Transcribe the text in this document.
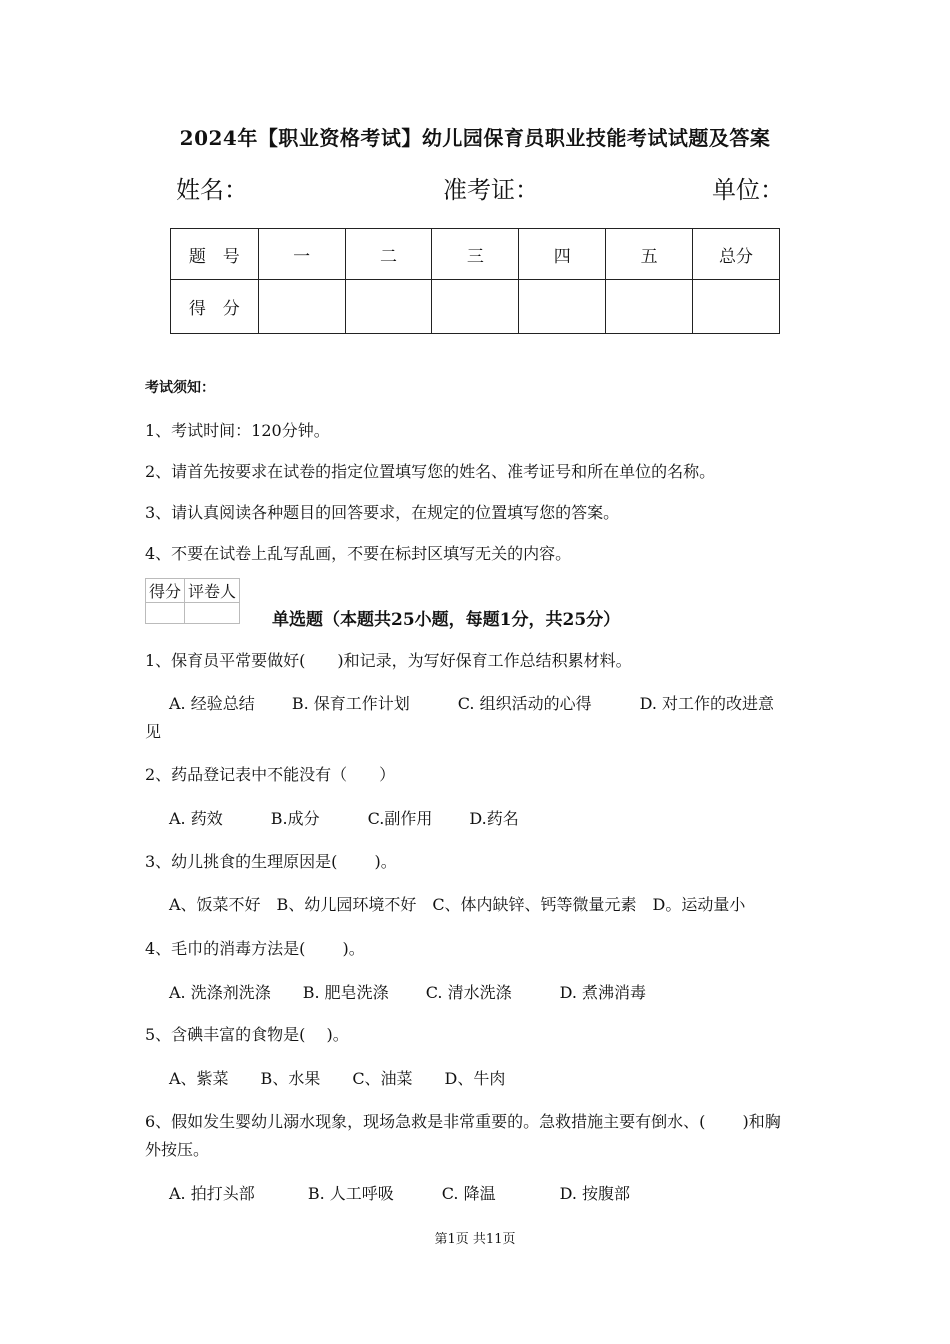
2024年【职业资格考试】幼儿园保育员职业技能考试试题及答案
姓名：	准考证：	单位：
题　号	一	二	三	四	五	总分
得　分						
考试须知：
1、考试时间：120分钟。
2、请首先按要求在试卷的指定位置填写您的姓名、准考证号和所在单位的名称。
3、请认真阅读各种题目的回答要求，在规定的位置填写您的答案。
4、不要在试卷上乱写乱画，不要在标封区填写无关的内容。
得分	评卷人

单选题（本题共25小题，每题1分，共25分）
1、保育员平常要做好(　　)和记录，为写好保育工作总结积累材料。
A. 经验总结　　 B. 保育工作计划　　　C. 组织活动的心得　　　D. 对工作的改进意
见
2、药品登记表中不能没有（　　）
A. 药效　　　B.成分　　　C.副作用　　 D.药名
3、幼儿挑食的生理原因是(　　 )。
A、饭菜不好　B、幼儿园环境不好　C、体内缺锌、钙等微量元素　D。运动量小
4、毛巾的消毒方法是(　　 )。
A. 洗涤剂洗涤　　B. 肥皂洗涤　　 C. 清水洗涤　　　D. 煮沸消毒
5、含碘丰富的食物是(　 )。
A、紫菜　　B、水果　　C、油菜　　D、牛肉
6、假如发生婴幼儿溺水现象，现场急救是非常重要的。急救措施主要有倒水、(　　 )和胸
外按压。
A. 拍打头部　　　 B. 人工呼吸　　　C. 降温　　　　D. 按腹部
第1页 共11页
